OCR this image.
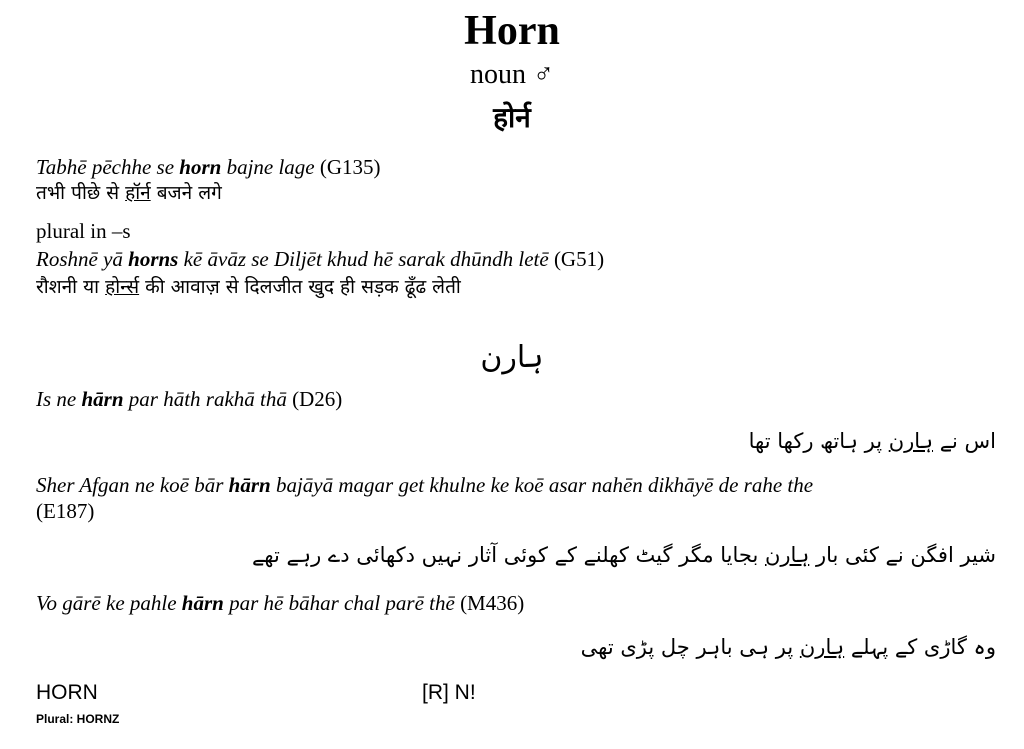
Horn
noun ♂
होर्न
Tabhē pēchhe se horn bajne lage (G135)
तभी पीछे से हॉर्न बजने लगे
plural in –s
Roshnē yā horns kē āvāz se Diljēt khud hē sarak dhūndh letē (G51)
रौशनी या होर्न्स की आवाज़ से दिलजीत खुद ही सड़क ढूँढ लेती
ہارن
Is ne hārn par hāth rakhā thā (D26)
اس نے ہارن پر ہاتھ رکھا تھا
Sher Afgan ne koē bār hārn bajāyā magar get khulne ke koē asar nahēn dikhāyē de rahe the
(E187)
شیر افگن نے کئی بار ہارن بجایا مگر گیٹ کھلنے کے کوئی آثار نہیں دکھائی دے رہے تھے
Vo gārē ke pahle hārn par hē bāhar chal parē thē (M436)
وہ گاڑی کے پہلے ہارن پر ہی باہر چل پڑی تھی
HORN	[R] N!
Plural: HORNZ
